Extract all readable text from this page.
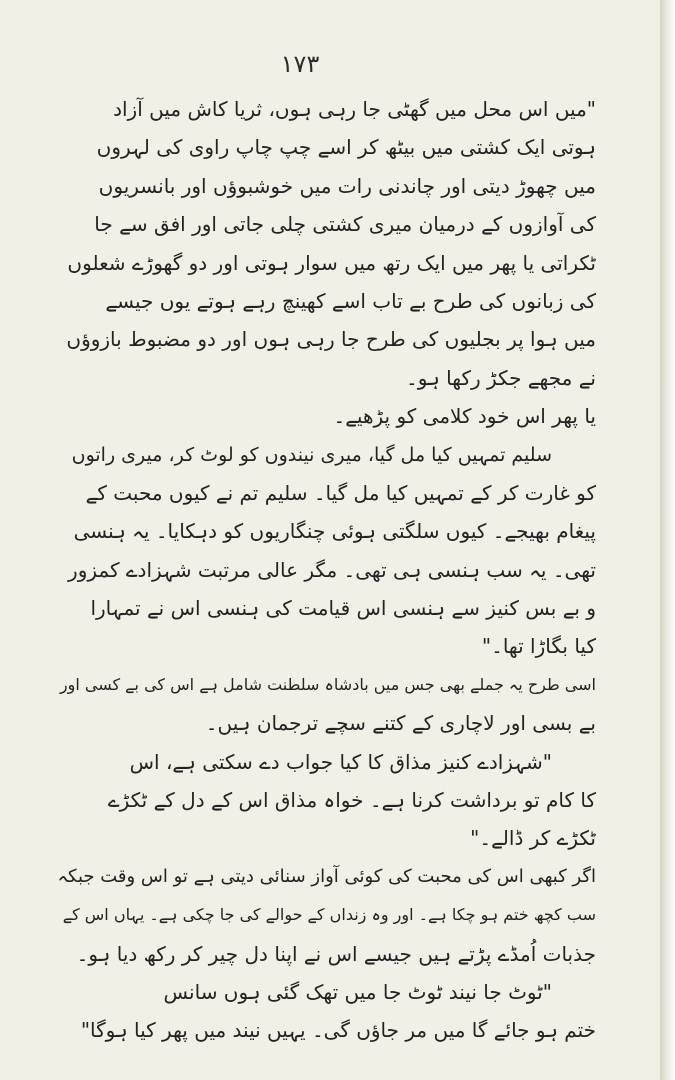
۱۷۳
"میں اس محل میں گھٹی جا رہی ہوں، ثریا کاش میں آزاد
ہوتی ایک کشتی میں بیٹھ کر اسے چپ چاپ راوی کی لہروں
میں چھوڑ دیتی اور چاندنی رات میں خوشبوؤں اور بانسریوں
کی آوازوں کے درمیان میری کشتی چلی جاتی اور افق سے جا
ٹکراتی یا پھر میں ایک رتھ میں سوار ہوتی اور دو گھوڑے شعلوں
کی زبانوں کی طرح بے تاب اسے کھینچ رہے ہوتے یوں جیسے
میں ہوا پر بجلیوں کی طرح جا رہی ہوں اور دو مضبوط بازوؤں
نے مجھے جکڑ رکھا ہو۔
یا پھر اس خود کلامی کو پڑھیے۔
سلیم تمہیں کیا مل گیا، میری نیندوں کو لوٹ کر، میری راتوں
کو غارت کر کے تمہیں کیا مل گیا۔ سلیم تم نے کیوں محبت کے
پیغام بھیجے۔ کیوں سلگتی ہوئی چنگاریوں کو دہکایا۔ یہ ہنسی
تھی۔ یہ سب ہنسی ہی تھی۔ مگر عالی مرتبت شہزادے کمزور
و بے بس کنیز سے ہنسی اس قیامت کی ہنسی اس نے تمہارا
کیا بگاڑا تھا۔"
اسی طرح یہ جملے بھی جس میں بادشاہ سلطنت شامل ہے اس کی بے کسی اور
بے بسی اور لاچاری کے کتنے سچے ترجمان ہیں۔
"شہزادے کنیز مذاق کا کیا جواب دے سکتی ہے، اس
کا کام تو برداشت کرنا ہے۔ خواہ مذاق اس کے دل کے ٹکڑے
ٹکڑے کر ڈالے۔"
اگر کبھی اس کی محبت کی کوئی آواز سنائی دیتی ہے تو اس وقت جبکہ
سب کچھ ختم ہو چکا ہے۔ اور وہ زنداں کے حوالے کی جا چکی ہے۔ یہاں اس کے
جذبات اُمڈے پڑتے ہیں جیسے اس نے اپنا دل چیر کر رکھ دیا ہو۔
"ٹوٹ جا نیند ٹوٹ جا میں تھک گئی ہوں سانس
ختم ہو جائے گا میں مر جاؤں گی۔ یہیں نیند میں پھر کیا ہوگا"
